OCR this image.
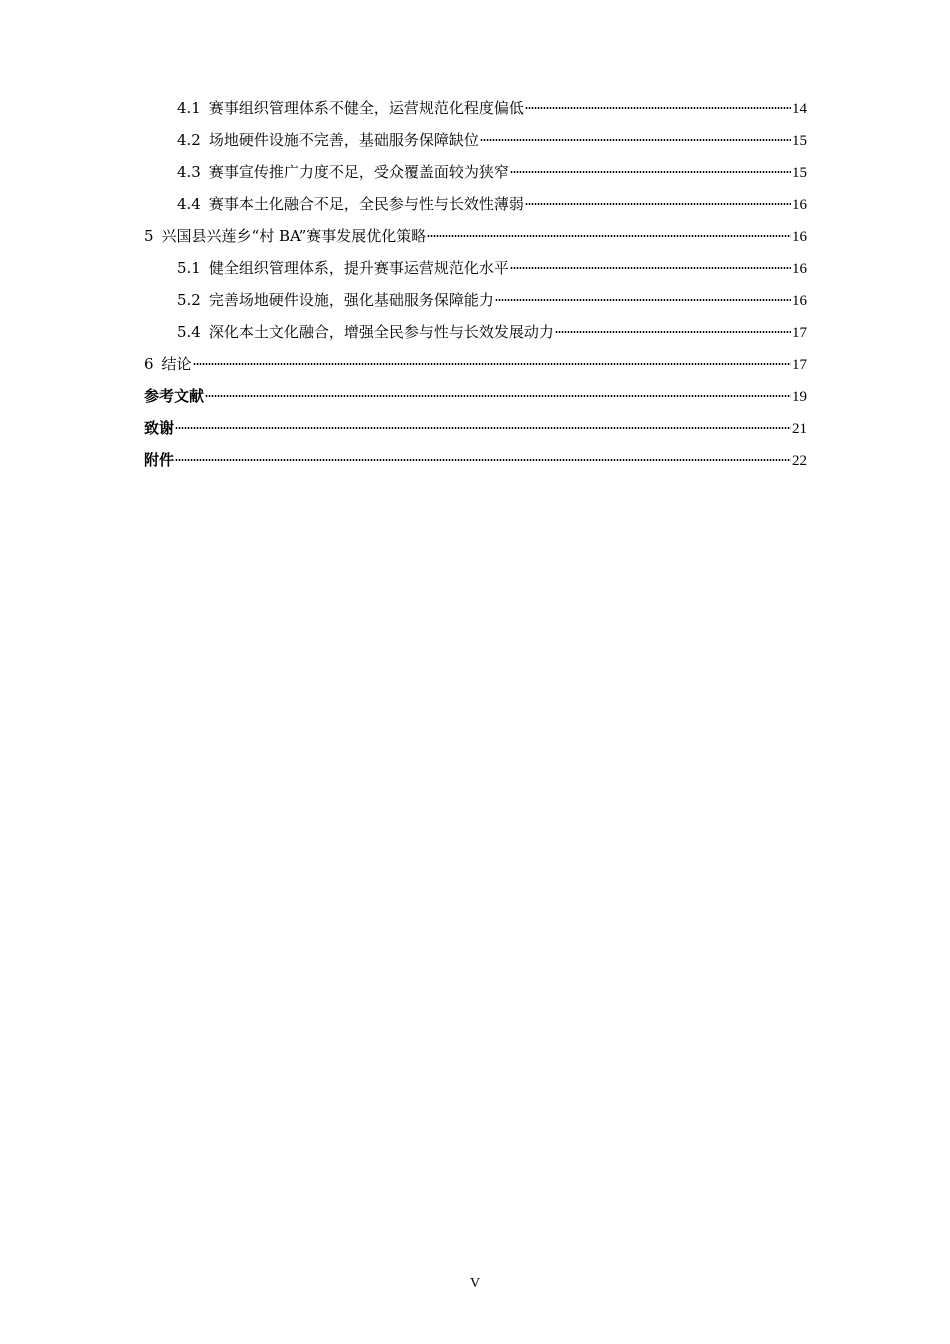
4.1 赛事组织管理体系不健全，运营规范化程度偏低	14
4.2 场地硬件设施不完善，基础服务保障缺位	15
4.3 赛事宣传推广力度不足，受众覆盖面较为狭窄	15
4.4 赛事本土化融合不足，全民参与性与长效性薄弱	16
5 兴国县兴莲乡“村 BA”赛事发展优化策略	16
5.1 健全组织管理体系，提升赛事运营规范化水平	16
5.2 完善场地硬件设施，强化基础服务保障能力	16
5.4 深化本土文化融合，增强全民参与性与长效发展动力	17
6 结论	17
参考文献	19
致谢	21
附件	22
V
